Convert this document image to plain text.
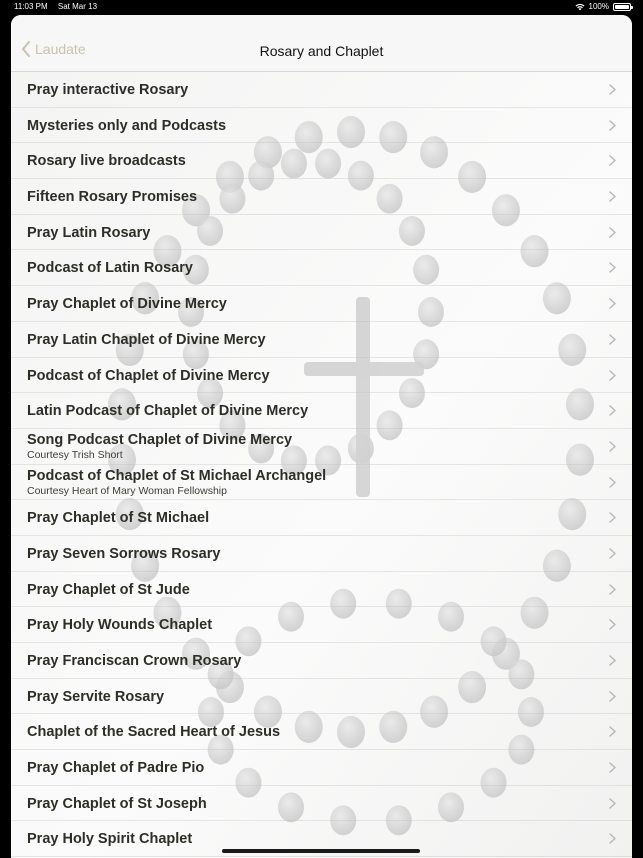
11:03 PM Sat Mar 13	100%
Laudate	Rosary and Chaplet
Pray interactive Rosary
Mysteries only and Podcasts
Rosary live broadcasts
Fifteen Rosary Promises
Pray Latin Rosary
Podcast of Latin Rosary
Pray Chaplet of Divine Mercy
Pray Latin Chaplet of Divine Mercy
Podcast of Chaplet of Divine Mercy
Latin Podcast of Chaplet of Divine Mercy
Song Podcast Chaplet of Divine Mercy
Courtesy Trish Short
Podcast of Chaplet of St Michael Archangel
Courtesy Heart of Mary Woman Fellowship
Pray Chaplet of St Michael
Pray Seven Sorrows Rosary
Pray Chaplet of St Jude
Pray Holy Wounds Chaplet
Pray Franciscan Crown Rosary
Pray Servite Rosary
Chaplet of the Sacred Heart of Jesus
Pray Chaplet of Padre Pio
Pray Chaplet of St Joseph
Pray Holy Spirit Chaplet
